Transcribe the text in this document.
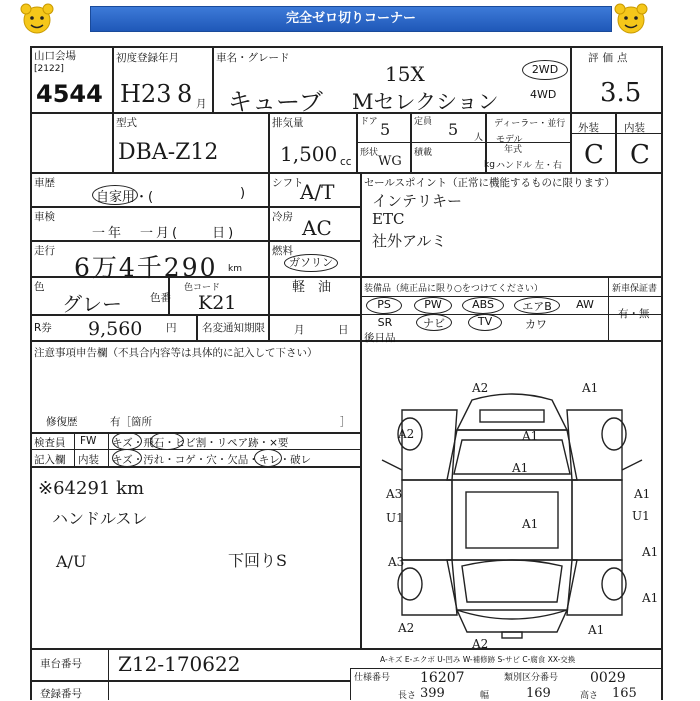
完全ゼロ切りコーナー
山口会場
[2122]
4544
初度登録年月
H23 8 月
車名・グレード
15X
キューブ Mセレクション
2WD
4WD
評価点
3.5
型式
DBA-Z12
排気量
1,500 cc
ドア 5	定員 5 人
ディーラー・並行
モデル
年式
形状
WG
積載
kg ハンドル 左・右
外装 内装
C C
車歴
自家用・(	)
シフト
A/T	セールスポイント（正常に機能するものに限ります）
インテリキー
ETC
社外アルミ
車検
一年　一月(　　日)
冷房 AC
走行
6万4千290 km
燃料
ガソリン
軽　油
色
グレー	色番
色コード
K21
装備品（純正品に限り○をつけてください）
PS	PW	ABS	エアB	AW
SR	ナビ	TV	カワ
新車保証書
有・無
R券 9,560 円 名変通知期限	月	日
後日品
注意事項申告欄（不具合内容等は具体的に記入して下さい）
修復歴	有［箇所	］
検査員 FW キズ・飛石・ヒビ割・リペア跡・×要
記入欄 内装 キズ・汚れ・コゲ・穴・欠品・キレ・破レ
※64291 km
ハンドルスレ
A/U	下回りS
A2	A1
A2	A1
A3
U1	A1
A3
U1
A1
A1
A1
A2
A2	A1
A1
A-キズ E-エクボ U-凹み W-補修跡 S-サビ C-腐食 XX-交換
車台番号 Z12-170622
登録番号
仕様番号 16207	類別区分番号 0029
長さ 399	幅	169	高さ 165
